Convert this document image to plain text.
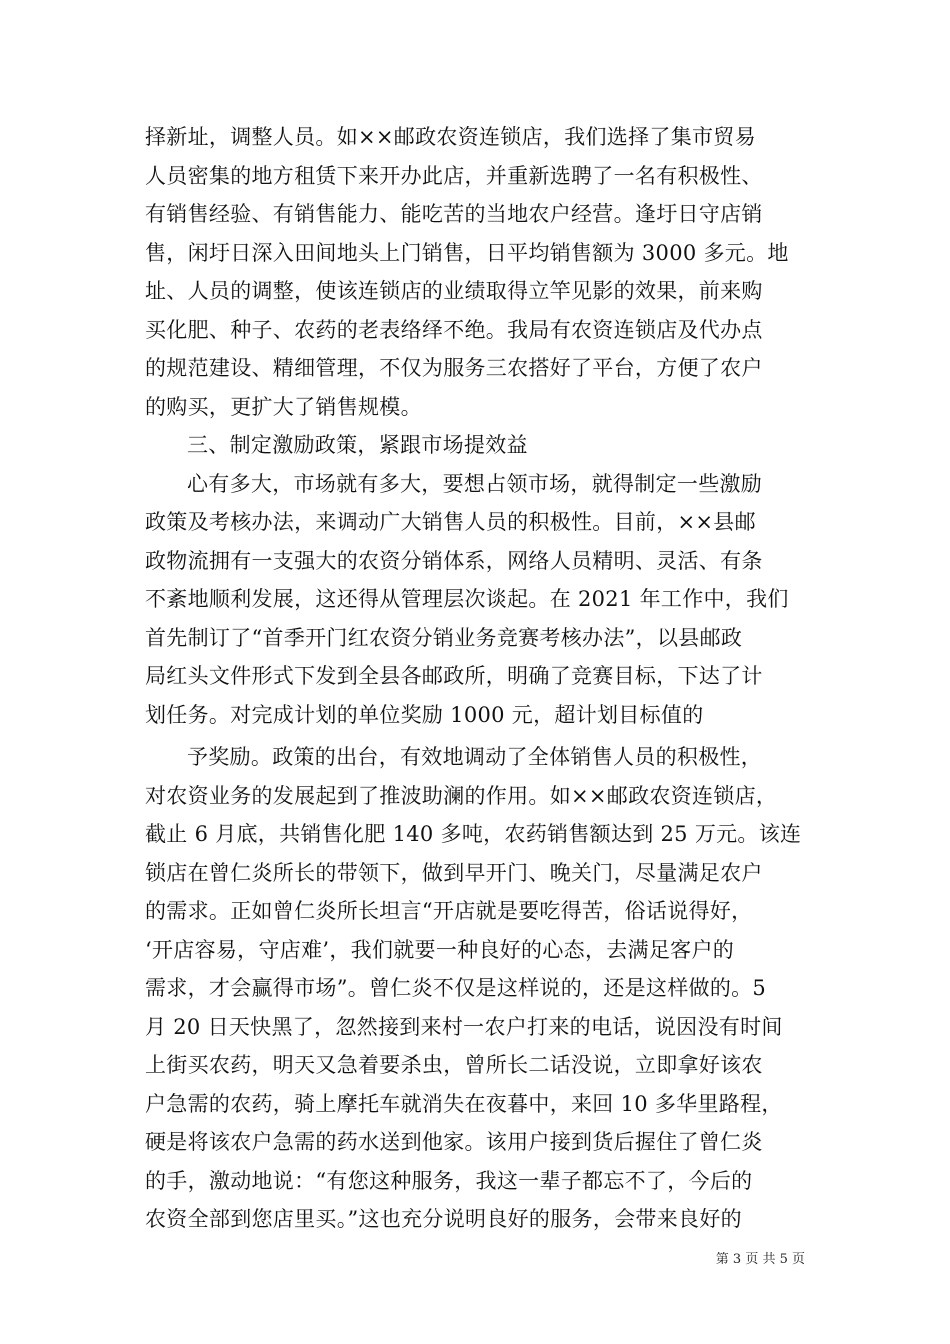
择新址，调整人员。如××邮政农资连锁店，我们选择了集市贸易
人员密集的地方租赁下来开办此店，并重新选聘了一名有积极性、
有销售经验、有销售能力、能吃苦的当地农户经营。逢圩日守店销
售，闲圩日深入田间地头上门销售，日平均销售额为 3000 多元。地
址、人员的调整，使该连锁店的业绩取得立竿见影的效果，前来购
买化肥、种子、农药的老表络绎不绝。我局有农资连锁店及代办点
的规范建设、精细管理，不仅为服务三农搭好了平台，方便了农户
的购买，更扩大了销售规模。
三、制定激励政策，紧跟市场提效益
心有多大，市场就有多大，要想占领市场，就得制定一些激励
政策及考核办法，来调动广大销售人员的积极性。目前，××县邮
政物流拥有一支强大的农资分销体系，网络人员精明、灵活、有条
不紊地顺利发展，这还得从管理层次谈起。在 2021 年工作中，我们
首先制订了“首季开门红农资分销业务竞赛考核办法”，以县邮政
局红头文件形式下发到全县各邮政所，明确了竞赛目标，下达了计
划任务。对完成计划的单位奖励 1000 元，超计划目标值的
予奖励。政策的出台，有效地调动了全体销售人员的积极性，
对农资业务的发展起到了推波助澜的作用。如××邮政农资连锁店，
截止 6 月底，共销售化肥 140 多吨，农药销售额达到 25 万元。该连
锁店在曾仁炎所长的带领下，做到早开门、晚关门，尽量满足农户
的需求。正如曾仁炎所长坦言“开店就是要吃得苦，俗话说得好，
‘开店容易，守店难’，我们就要一种良好的心态，去满足客户的
需求，才会赢得市场”。曾仁炎不仅是这样说的，还是这样做的。5
月 20 日天快黑了，忽然接到来村一农户打来的电话，说因没有时间
上街买农药，明天又急着要杀虫，曾所长二话没说，立即拿好该农
户急需的农药，骑上摩托车就消失在夜暮中，来回 10 多华里路程，
硬是将该农户急需的药水送到他家。该用户接到货后握住了曾仁炎
的手，激动地说：“有您这种服务，我这一辈子都忘不了，今后的
农资全部到您店里买。”这也充分说明良好的服务，会带来良好的
第 3 页 共 5 页
